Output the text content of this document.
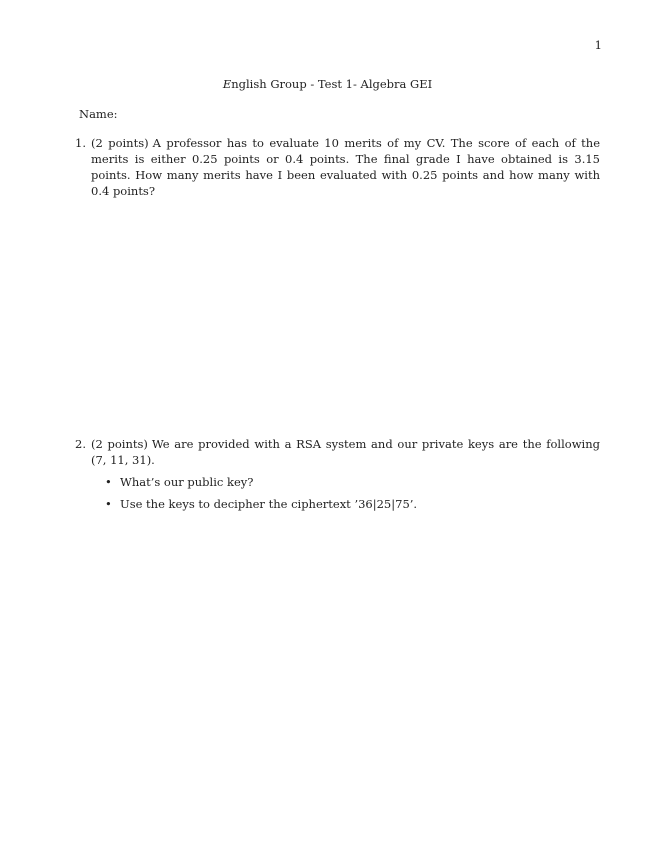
1
English Group - Test 1- Algebra GEI
Name:
1. (2 points) A professor has to evaluate 10 merits of my CV. The score of each of the merits is either 0.25 points or 0.4 points. The final grade I have obtained is 3.15 points. How many merits have I been evaluated with 0.25 points and how many with 0.4 points?
2. (2 points) We are provided with a RSA system and our private keys are the following (7, 11, 31).
• What’s our public key?
• Use the keys to decipher the ciphertext ’36|25|75’.
